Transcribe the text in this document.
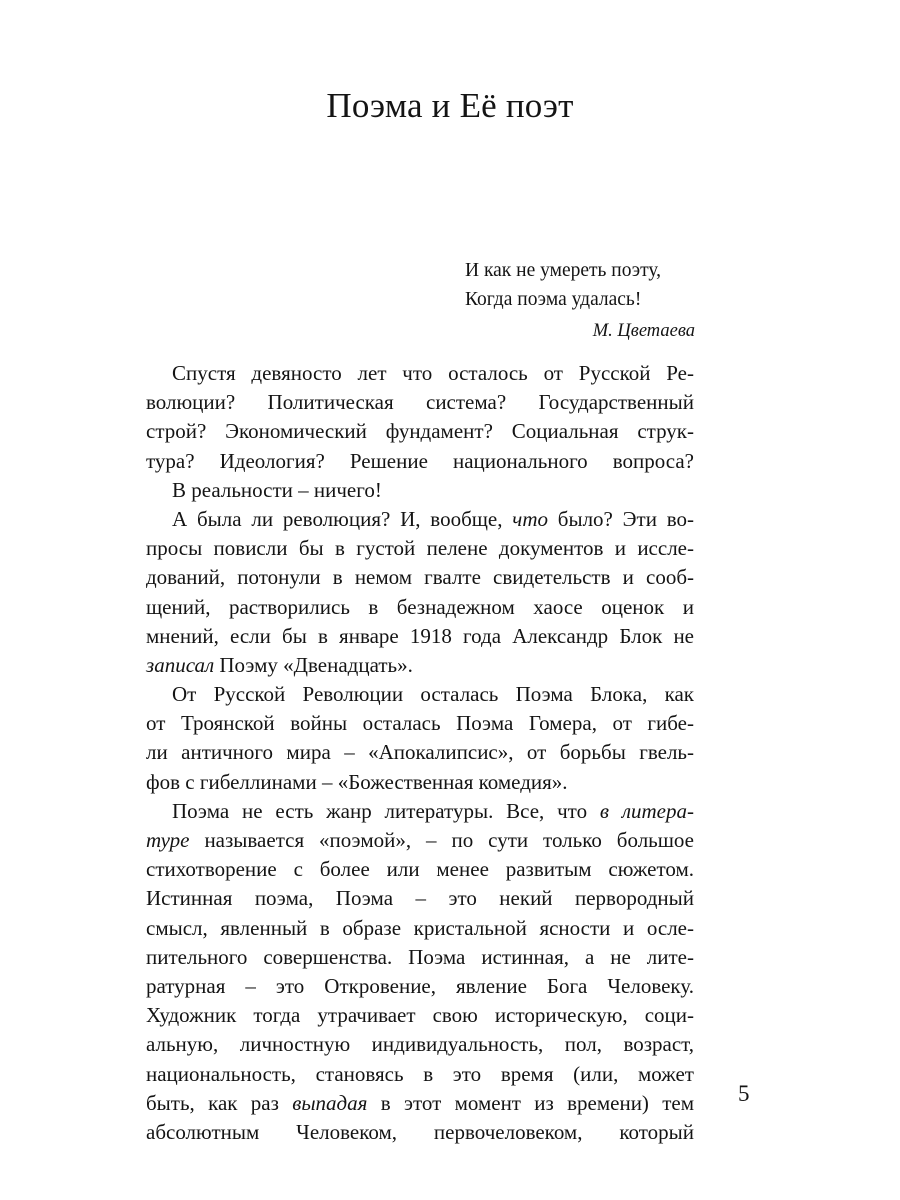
Поэма и Её поэт
И как не умереть поэту,
Когда поэма удалась!
М. Цветаева
Спустя девяносто лет что осталось от Русской Ре-
волюции? Политическая система? Государственный
строй? Экономический фундамент? Социальная струк-
тура? Идеология? Решение национального вопроса?
В реальности – ничего!
А была ли революция? И, вообще, что было? Эти во-
просы повисли бы в густой пелене документов и иссле-
дований, потонули в немом гвалте свидетельств и сооб-
щений, растворились в безнадежном хаосе оценок и
мнений, если бы в январе 1918 года Александр Блок не
записал Поэму «Двенадцать».
От Русской Революции осталась Поэма Блока, как
от Троянской войны осталась Поэма Гомера, от гибе-
ли античного мира – «Апокалипсис», от борьбы гвель-
фов с гибеллинами – «Божественная комедия».
Поэма не есть жанр литературы. Все, что в литера-
туре называется «поэмой», – по сути только большое
стихотворение с более или менее развитым сюжетом.
Истинная поэма, Поэма – это некий первородный
смысл, явленный в образе кристальной ясности и осле-
пительного совершенства. Поэма истинная, а не лите-
ратурная – это Откровение, явление Бога Человеку.
Художник тогда утрачивает свою историческую, соци-
альную, личностную индивидуальность, пол, возраст,
национальность, становясь в это время (или, может
быть, как раз выпадая в этот момент из времени) тем
абсолютным Человеком, первочеловеком, который
5
